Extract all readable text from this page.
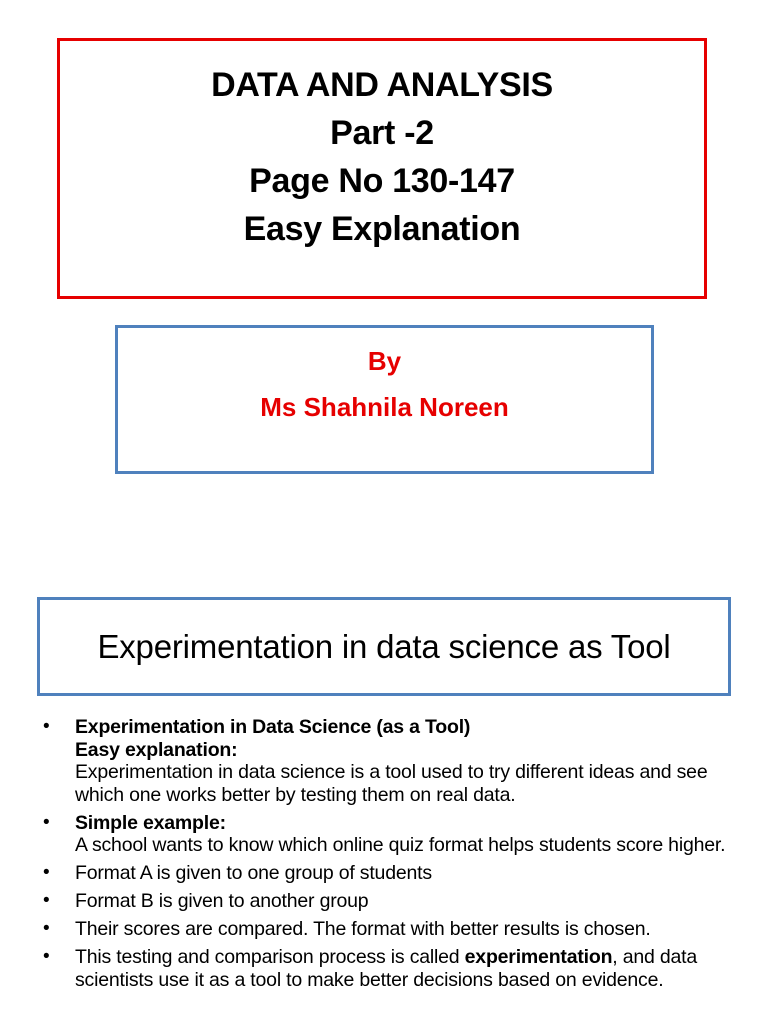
DATA AND ANALYSIS
Part -2
Page No 130-147
Easy Explanation
By
Ms Shahnila Noreen
Experimentation in data science as Tool
• Experimentation in Data Science (as a Tool)
Easy explanation:
Experimentation in data science is a tool used to try different ideas and see which one works better by testing them on real data.
• Simple example:
A school wants to know which online quiz format helps students score higher.
• Format A is given to one group of students
• Format B is given to another group
• Their scores are compared. The format with better results is chosen.
• This testing and comparison process is called experimentation, and data scientists use it as a tool to make better decisions based on evidence.
